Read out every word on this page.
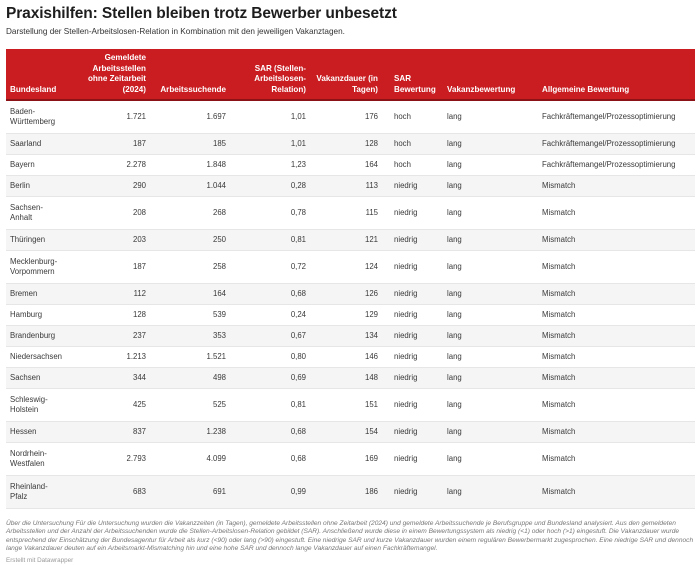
Praxishilfen: Stellen bleiben trotz Bewerber unbesetzt

Darstellung der Stellen-Arbeitslosen-Relation in Kombination mit den jeweiligen Vakanztagen.

Bundesland	Gemeldete Arbeitsstellen ohne Zeitarbeit (2024)	Arbeitssuchende	SAR (Stellen-Arbeitslosen-Relation)	Vakanzdauer (in Tagen)	SAR Bewertung	Vakanzbewertung	Allgemeine Bewertung
Baden-
Württemberg	1.721	1.697	1,01	176	hoch	lang	Fachkräftemangel/Prozessoptimierung
Saarland	187	185	1,01	128	hoch	lang	Fachkräftemangel/Prozessoptimierung
Bayern	2.278	1.848	1,23	164	hoch	lang	Fachkräftemangel/Prozessoptimierung
Berlin	290	1.044	0,28	113	niedrig	lang	Mismatch
Sachsen-
Anhalt	208	268	0,78	115	niedrig	lang	Mismatch
Thüringen	203	250	0,81	121	niedrig	lang	Mismatch
Mecklenburg-
Vorpommern	187	258	0,72	124	niedrig	lang	Mismatch
Bremen	112	164	0,68	126	niedrig	lang	Mismatch
Hamburg	128	539	0,24	129	niedrig	lang	Mismatch
Brandenburg	237	353	0,67	134	niedrig	lang	Mismatch
Niedersachsen	1.213	1.521	0,80	146	niedrig	lang	Mismatch
Sachsen	344	498	0,69	148	niedrig	lang	Mismatch
Schleswig-
Holstein	425	525	0,81	151	niedrig	lang	Mismatch
Hessen	837	1.238	0,68	154	niedrig	lang	Mismatch
Nordrhein-
Westfalen	2.793	4.099	0,68	169	niedrig	lang	Mismatch
Rheinland-
Pfalz	683	691	0,99	186	niedrig	lang	Mismatch

Über die Untersuchung Für die Untersuchung wurden die Vakanzzeiten (in Tagen), gemeldete Arbeitsstellen ohne Zeitarbeit (2024) und gemeldete Arbeitssuchende je Berufsgruppe und Bundesland analysiert. Aus den gemeldeten Arbeitsstellen und der Anzahl der Arbeitssuchenden wurde die Stellen-Arbeitslosen-Relation gebildet (SAR). Anschließend wurde diese in einem Bewertungssystem als niedrig (<1) oder hoch (>1) eingestuft. Die Vakanzdauer wurde entsprechend der Einschätzung der Bundesagentur für Arbeit als kurz (<90) oder lang (>90) eingestuft. Eine niedrige SAR und kurze Vakanzdauer wurden einem regulären Bewerbermarkt zugesprochen. Eine niedrige SAR und dennoch lange Vakanzdauer deuten auf ein Arbeitsmarkt-Mismatching hin und eine hohe SAR und dennoch lange Vakanzdauer auf einen Fachkräftemangel.

Erstellt mit Datawrapper
